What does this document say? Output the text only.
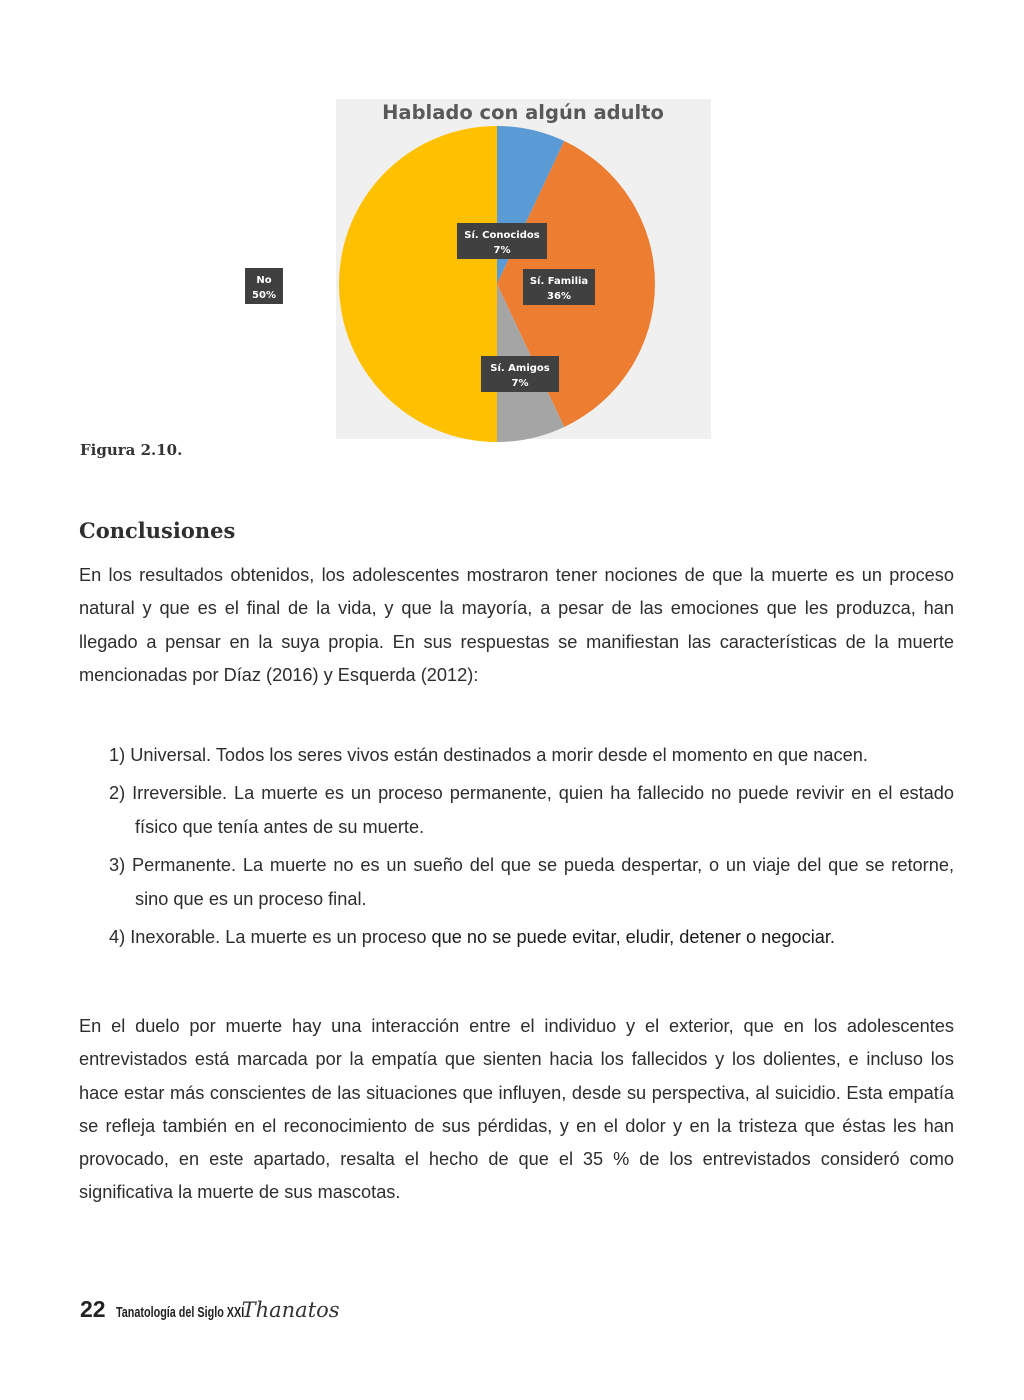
Hablado con algún adulto
Sí. Conocidos
7%
Sí. Familia
36%
Sí. Amigos
7%
No
50%
Figura 2.10.
Conclusiones

En los resultados obtenidos, los adolescentes mostraron tener nociones de que la muerte es un proceso natural y que es el final de la vida, y que la mayoría, a pesar de las emociones que les produzca, han llegado a pensar en la suya propia. En sus respuestas se manifiestan las características de la muerte mencionadas por Díaz (2016) y Esquerda (2012):

1) Universal. Todos los seres vivos están destinados a morir desde el momento en que nacen.
2) Irreversible. La muerte es un proceso permanente, quien ha fallecido no puede revivir en el estado físico que tenía antes de su muerte.
3) Permanente. La muerte no es un sueño del que se pueda despertar, o un viaje del que se retorne, sino que es un proceso final.
4) Inexorable. La muerte es un proceso que no se puede evitar, eludir, detener o negociar.

En el duelo por muerte hay una interacción entre el individuo y el exterior, que en los adolescentes entrevistados está marcada por la empatía que sienten hacia los fallecidos y los dolientes, e incluso los hace estar más conscientes de las situaciones que influyen, desde su perspectiva, al suicidio. Esta empatía se refleja también en el reconocimiento de sus pérdidas, y en el dolor y en la tristeza que éstas les han provocado, en este apartado, resalta el hecho de que el 35 % de los entrevistados consideró como significativa la muerte de sus mascotas.

22 Tanatología del Siglo XXI
Thanatos
